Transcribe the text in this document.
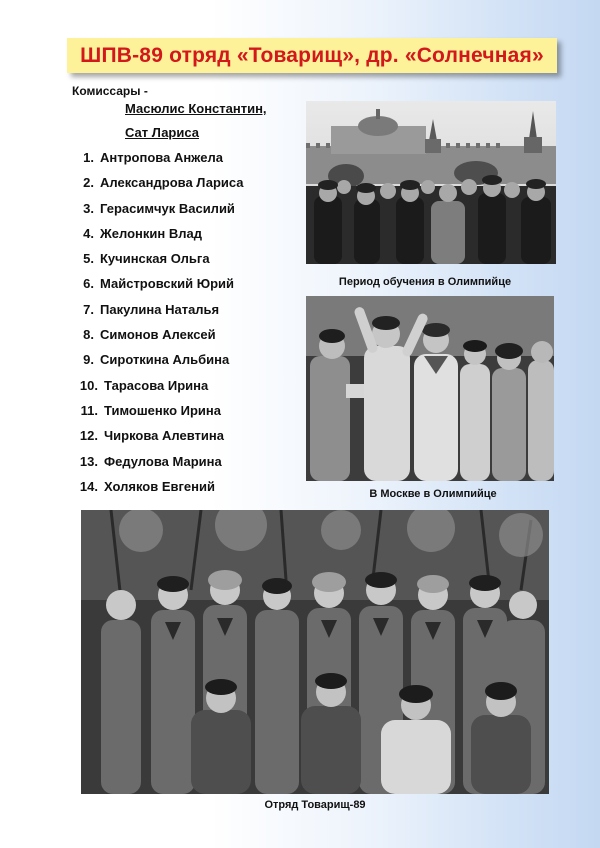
ШПВ-89 отряд «Товарищ», др. «Солнечная»
Комиссары -
Масюлис Константин,
Сат Лариса
1. Антропова Анжела
2. Александрова Лариса
3. Герасимчук Василий
4. Желонкин Влад
5. Кучинская Ольга
6. Майстровский Юрий
7. Пакулина Наталья
8. Симонов Алексей
9. Сироткина Альбина
10. Тарасова Ирина
11. Тимошенко Ирина
12. Чиркова Алевтина
13. Федулова Марина
14. Холяков Евгений
Период обучения в Олимпийце
В Москве в Олимпийце
Отряд Товарищ-89
